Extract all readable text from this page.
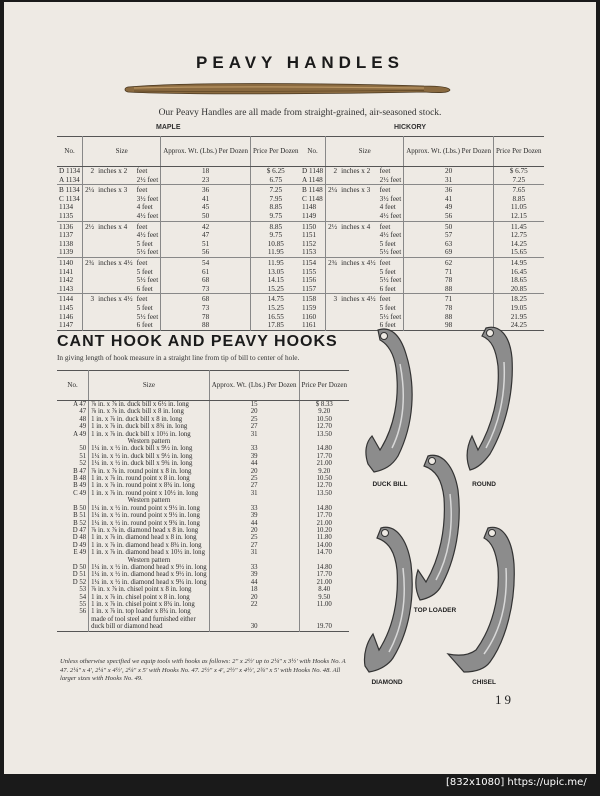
PEAVY HANDLES
Our Peavy Handles are all made from straight-grained, air-seasoned stock.
MAPLE	HICKORY
No.	Size			Approx. Wt. (Lbs.) Per Dozen	Price Per Dozen
D 1134	2	inches x 2	feet	18	$ 6.25
A 1134			2½ feet	23	6.75
B 1134	2¼	inches x 3	feet	36	7.25
C 1134			3½ feet	41	7.95
1134			4 feet	45	8.85
1135			4½ feet	50	9.75
1136	2½	inches x 4	feet	42	8.85
1137			4½ feet	47	9.75
1138			5 feet	51	10.85
1139			5½ feet	56	11.95
1140	2¾	inches x 4½	feet	54	11.95
1141			5 feet	61	13.05
1142			5½ feet	68	14.15
1143			6 feet	73	15.25
1144	3	inches x 4½	feet	68	14.75
1145			5 feet	73	15.25
1146			5½ feet	78	16.55
1147			6 feet	88	17.85
No.	Size			Approx. Wt. (Lbs.) Per Dozen	Price Per Dozen
D 1148	2	inches x 2	feet	20	$ 6.75
A 1148			2½ feet	31	7.25
B 1148	2¼	inches x 3	feet	36	7.65
C 1148			3½ feet	41	8.85
1148			4 feet	49	11.05
1149			4½ feet	56	12.15
1150	2½	inches x 4	feet	50	11.45
1151			4½ feet	57	12.75
1152			5 feet	63	14.25
1153			5½ feet	69	15.65
1154	2¾	inches x 4½	feet	62	14.95
1155			5 feet	71	16.45
1156			5½ feet	78	18.65
1157			6 feet	88	20.85
1158	3	inches x 4½	feet	71	18.25
1159			5 feet	78	19.05
1160			5½ feet	88	21.95
1161			6 feet	98	24.25
CANT HOOK AND PEAVY HOOKS
In giving length of hook measure in a straight line from tip of bill to center of hole.
No.	Size	Approx. Wt. (Lbs.) Per Dozen	Price Per Dozen
A 47	⅞ in. x ⅞ in. duck bill x 6½ in. long	15	$ 8.33
47	⅞ in. x ⅞ in. duck bill x 8 in. long	20	9.20
48	1 in. x ⅞ in. duck bill x 8 in. long	25	10.50
49	1 in. x ⅞ in. duck bill x 8¾ in. long	27	12.70
A 49	1 in. x ⅞ in. duck bill x 10½ in. long	31	13.50
	Western pattern		
50	1¼ in. x ½ in. duck bill x 9½ in. long	33	14.80
51	1¼ in. x ½ in. duck bill x 9½ in. long	39	17.70
52	1¼ in. x ½ in. duck bill x 9¾ in. long	44	21.00
B 47	⅞ in. x ⅞ in. round point x 8 in. long	20	9.20
B 48	1 in. x ⅞ in. round point x 8 in. long	25	10.50
B 49	1 in. x ⅞ in. round point x 8¾ in. long	27	12.70
C 49	1 in. x ⅞ in. round point x 10½ in. long	31	13.50
	Western pattern		
B 50	1¼ in. x ½ in. round point x 9½ in. long	33	14.80
B 51	1¼ in. x ½ in. round point x 9½ in. long	39	17.70
B 52	1¼ in. x ½ in. round point x 9¾ in. long	44	21.00
D 47	⅞ in. x ⅞ in. diamond head x 8 in. long	20	10.20
D 48	1 in. x ⅞ in. diamond head x 8 in. long	25	11.80
D 49	1 in. x ⅞ in. diamond head x 8¾ in. long	27	14.00
E 49	1 in. x ⅞ in. diamond head x 10½ in. long	31	14.70
	Western pattern		
D 50	1¼ in. x ½ in. diamond head x 9½ in. long	33	14.80
D 51	1¼ in. x ½ in. diamond head x 9½ in. long	39	17.70
D 52	1¼ in. x ½ in. diamond head x 9¾ in. long	44	21.00
53	⅞ in. x ⅞ in. chisel point x 8 in. long	18	8.40
54	1 in. x ⅞ in. chisel point x 8 in. long	20	9.50
55	1 in. x ⅞ in. chisel point x 8¾ in. long	22	11.00
56	1 in. x ⅞ in. top loader x 8¾ in. long		
	made of tool steel and furnished either		
	duck bill or diamond head	30	19.70
Unless otherwise specified we equip tools with hooks as follows: 2" x 2½' up to 2¼" x 3½' with Hooks No. A 47. 2¼" x 4', 2¼" x 4½', 2¼" x 5' with Hooks No. 47. 2½" x 4', 2½" x 4½', 2¾" x 5' with Hooks No. 48. All larger sizes with Hooks No. 49.
19
DUCK BILL	ROUND
TOP LOADER
DIAMOND	CHISEL
[832x1080] https://upic.me/
